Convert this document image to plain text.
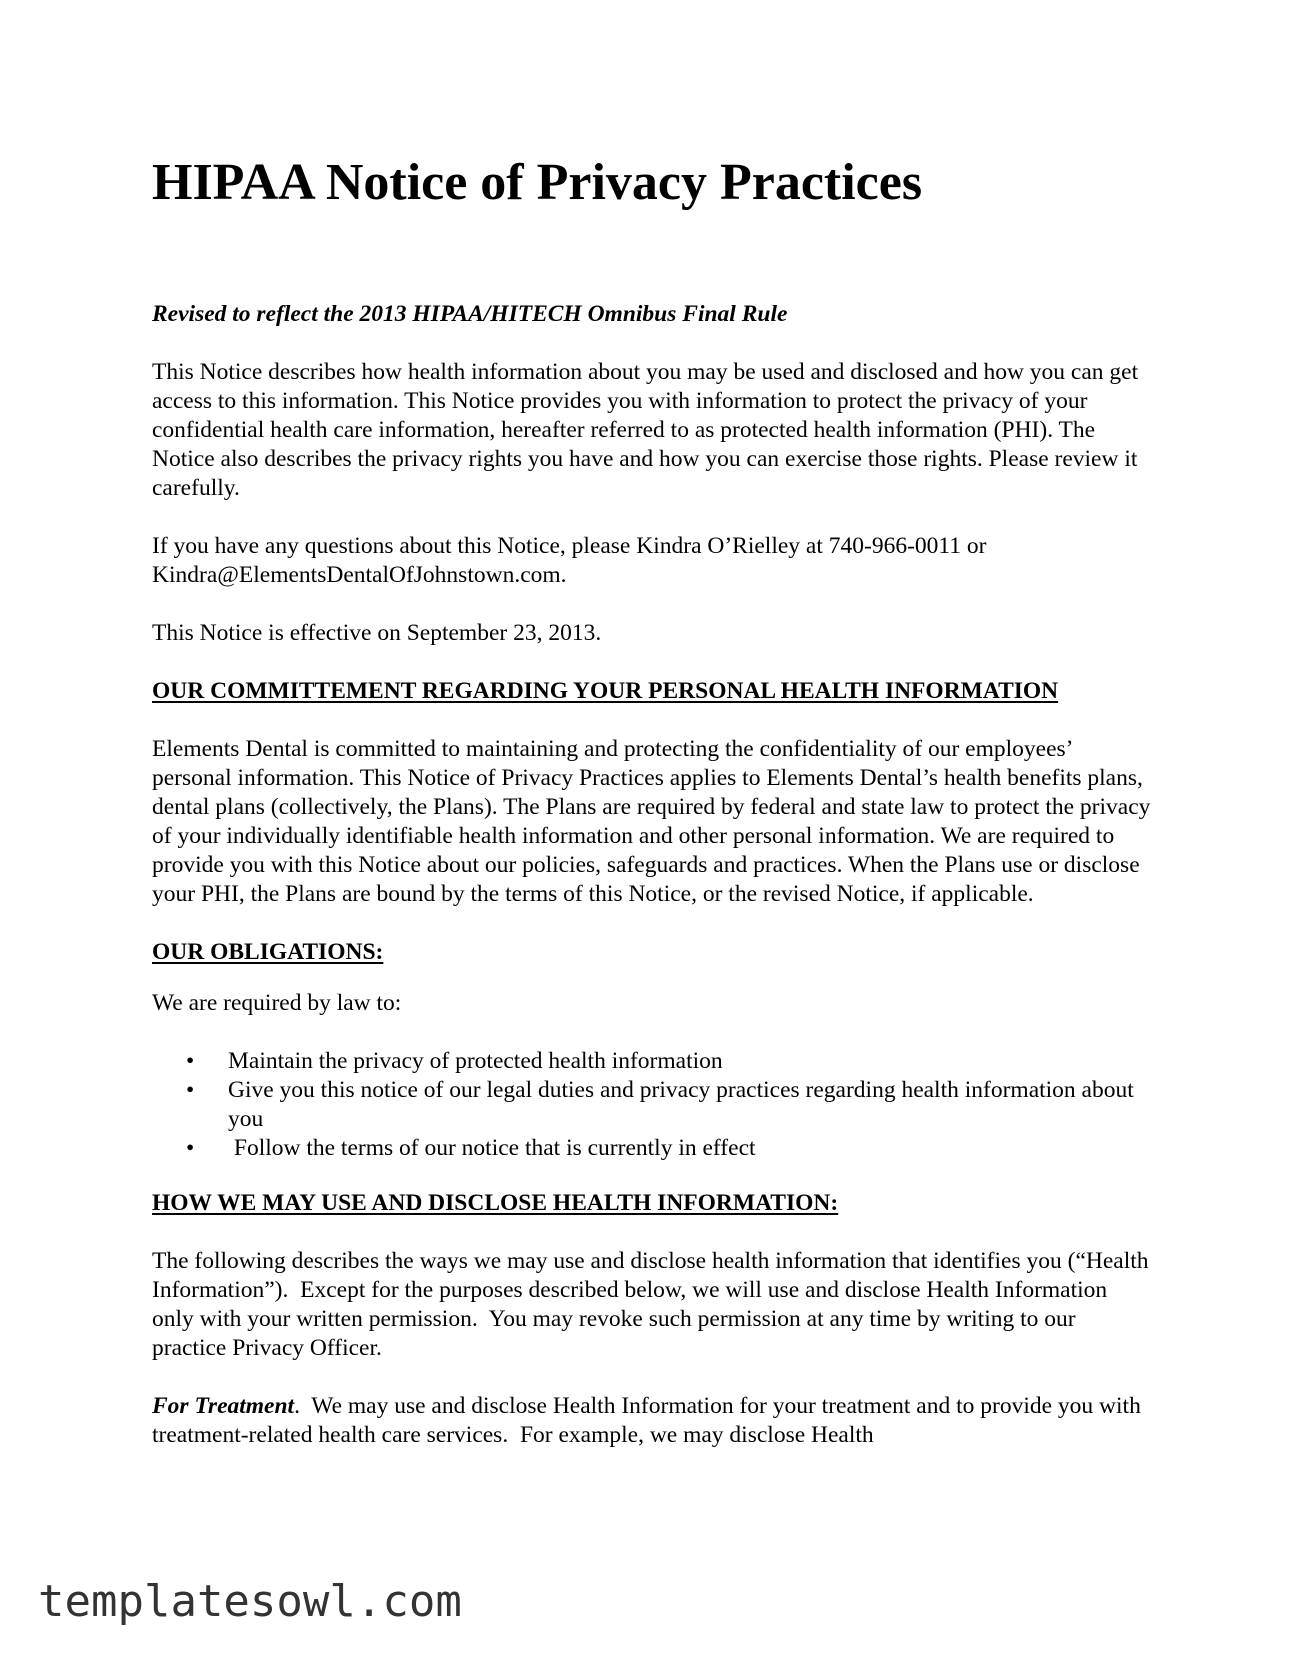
HIPAA Notice of Privacy Practices

Revised to reflect the 2013 HIPAA/HITECH Omnibus Final Rule

This Notice describes how health information about you may be used and disclosed and how you can get access to this information. This Notice provides you with information to protect the privacy of your confidential health care information, hereafter referred to as protected health information (PHI). The Notice also describes the privacy rights you have and how you can exercise those rights. Please review it carefully.

If you have any questions about this Notice, please Kindra O’Rielley at 740-966-0011 or Kindra@ElementsDentalOfJohnstown.com.

This Notice is effective on September 23, 2013.

OUR COMMITTEMENT REGARDING YOUR PERSONAL HEALTH INFORMATION

Elements Dental is committed to maintaining and protecting the confidentiality of our employees’ personal information. This Notice of Privacy Practices applies to Elements Dental’s health benefits plans, dental plans (collectively, the Plans). The Plans are required by federal and state law to protect the privacy of your individually identifiable health information and other personal information. We are required to provide you with this Notice about our policies, safeguards and practices. When the Plans use or disclose your PHI, the Plans are bound by the terms of this Notice, or the revised Notice, if applicable.

OUR OBLIGATIONS:

We are required by law to:

• Maintain the privacy of protected health information
• Give you this notice of our legal duties and privacy practices regarding health information about you
• Follow the terms of our notice that is currently in effect

HOW WE MAY USE AND DISCLOSE HEALTH INFORMATION:

The following describes the ways we may use and disclose health information that identifies you (“Health Information”).  Except for the purposes described below, we will use and disclose Health Information only with your written permission.  You may revoke such permission at any time by writing to our practice Privacy Officer.

For Treatment.  We may use and disclose Health Information for your treatment and to provide you with treatment-related health care services.  For example, we may disclose Health

templatesowl.com
